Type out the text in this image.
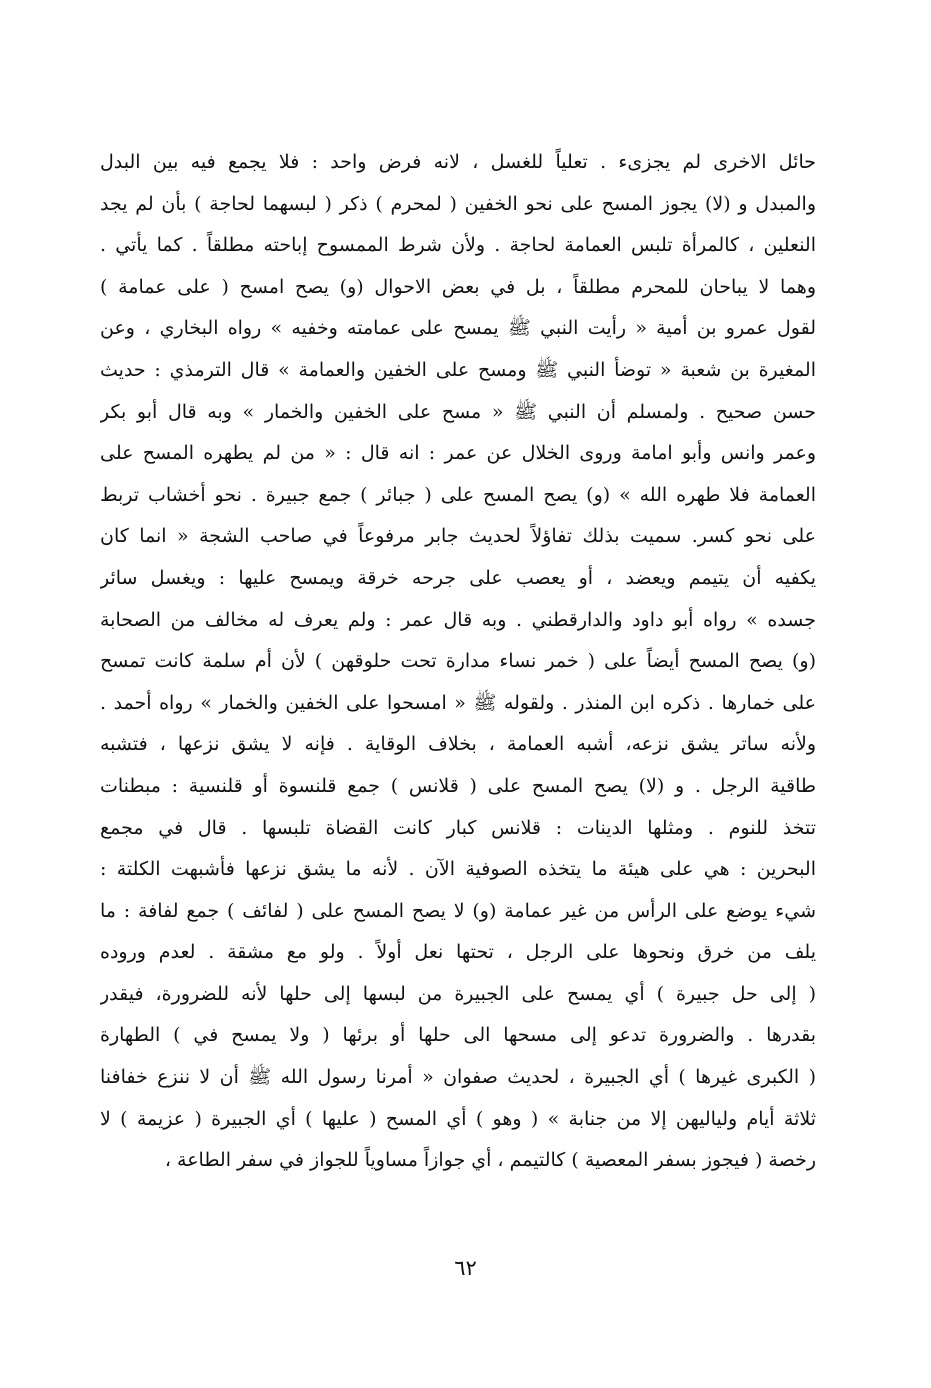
حائل الاخرى لم يجزىء . تعلياً للغسل ، لانه فرض واحد : فلا يجمع فيه بين البدل
والمبدل و (لا) يجوز المسح على نحو الخفين ( لمحرم ) ذكر ( لبسهما لحاجة ) بأن لم يجد
النعلين ، كالمرأة تلبس العمامة لحاجة . ولأن شرط الممسوح إباحته مطلقاً . كما يأتي .
وهما لا يباحان للمحرم مطلقاً ، بل في بعض الاحوال (و) يصح امسح ( على عمامة )
لقول عمرو بن أمية « رأيت النبي ﷺ يمسح على عمامته وخفيه » رواه البخاري ، وعن
المغيرة بن شعبة « توضأ النبي ﷺ ومسح على الخفين والعمامة » قال الترمذي : حديث
حسن صحيح . ولمسلم أن النبي ﷺ « مسح على الخفين والخمار » وبه قال أبو بكر
وعمر وانس وأبو امامة وروى الخلال عن عمر : انه قال : « من لم يطهره المسح على
العمامة فلا طهره الله » (و) يصح المسح على ( جبائر ) جمع جبيرة . نحو أخشاب تربط
على نحو كسر. سميت بذلك تفاؤلاً لحديث جابر مرفوعاً في صاحب الشجة « انما كان
يكفيه أن يتيمم ويعضد ، أو يعصب على جرحه خرقة ويمسح عليها : ويغسل سائر
جسده » رواه أبو داود والدارقطني . وبه قال عمر : ولم يعرف له مخالف من الصحابة
(و) يصح المسح أيضاً على ( خمر نساء مدارة تحت حلوقهن ) لأن أم سلمة كانت تمسح
على خمارها . ذكره ابن المنذر . ولقوله ﷺ « امسحوا على الخفين والخمار » رواه أحمد .
ولأنه ساتر يشق نزعه، أشبه العمامة ، بخلاف الوقاية . فإنه لا يشق نزعها ، فتشبه
طاقية الرجل . و (لا) يصح المسح على ( قلانس ) جمع قلنسوة أو قلنسية : مبطنات
تتخذ للنوم . ومثلها الدينات : قلانس كبار كانت القضاة تلبسها . قال في مجمع
البحرين : هي على هيئة ما يتخذه الصوفية الآن . لأنه ما يشق نزعها فأشبهت الكلتة :
شيء يوضع على الرأس من غير عمامة (و) لا يصح المسح على ( لفائف ) جمع لفافة : ما
يلف من خرق ونحوها على الرجل ، تحتها نعل أولاً . ولو مع مشقة . لعدم وروده
( إلى حل جبيرة ) أي يمسح على الجبيرة من لبسها إلى حلها لأنه للضرورة، فيقدر
بقدرها . والضرورة تدعو إلى مسحها الى حلها أو برئها ( ولا يمسح في ) الطهارة
( الكبرى غيرها ) أي الجبيرة ، لحديث صفوان « أمرنا رسول الله ﷺ أن لا ننزع خفافنا
ثلاثة أيام ولياليهن إلا من جنابة » ( وهو ) أي المسح ( عليها ) أي الجبيرة ( عزيمة ) لا
رخصة ( فيجوز بسفر المعصية ) كالتيمم ، أي جوازاً مساوياً للجواز في سفر الطاعة ،
٦٢
